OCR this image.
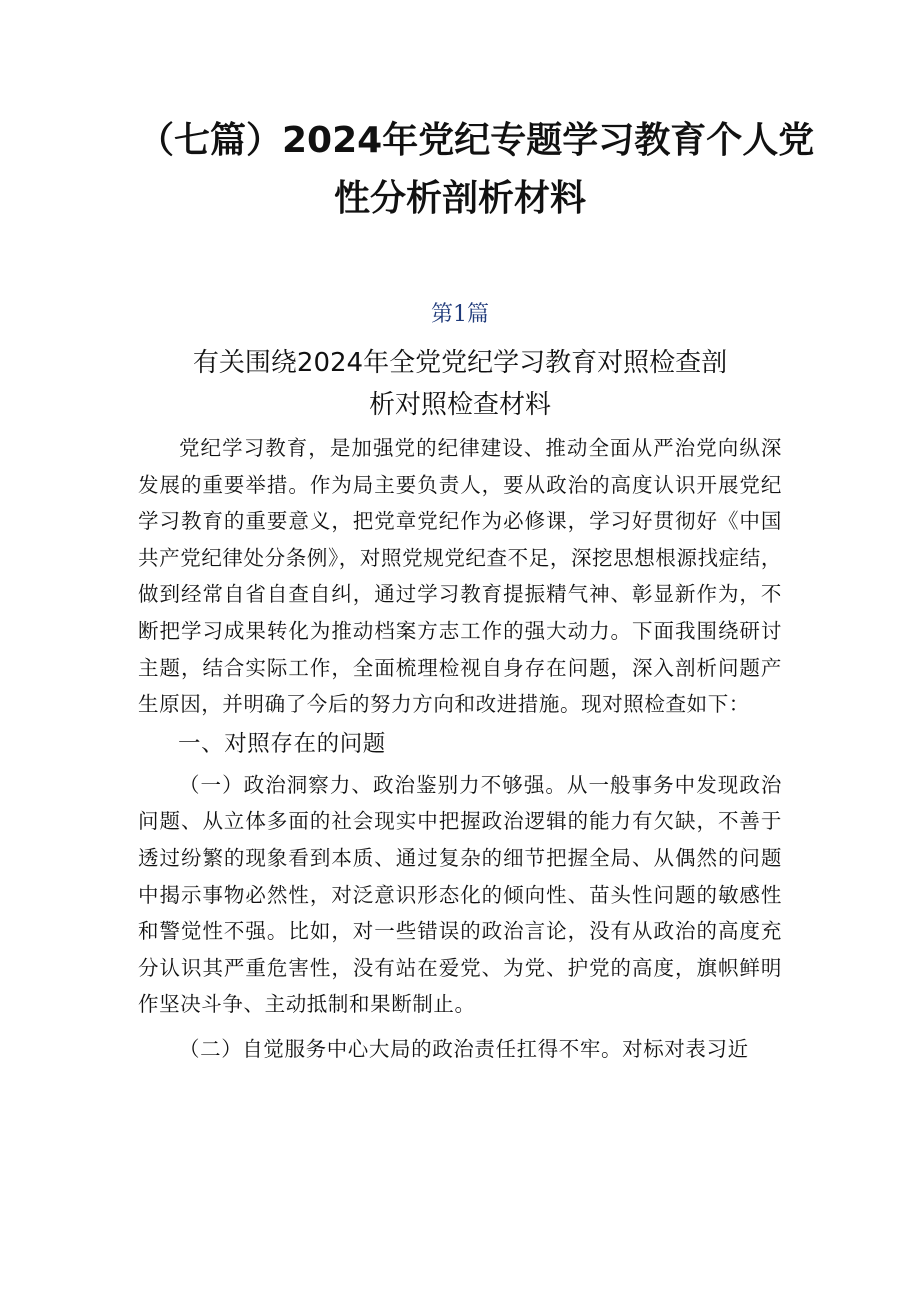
（七篇）2024年党纪专题学习教育个人党
性分析剖析材料
第1篇
有关围绕2024年全党党纪学习教育对照检查剖
析对照检查材料

党纪学习教育，是加强党的纪律建设、推动全面从严治党向纵深发展的重要举措。作为局主要负责人，要从政治的高度认识开展党纪学习教育的重要意义，把党章党纪作为必修课，学习好贯彻好《中国共产党纪律处分条例》，对照党规党纪查不足，深挖思想根源找症结，做到经常自省自查自纠，通过学习教育提振精气神、彰显新作为，不断把学习成果转化为推动档案方志工作的强大动力。下面我围绕研讨主题，结合实际工作，全面梳理检视自身存在问题，深入剖析问题产生原因，并明确了今后的努力方向和改进措施。现对照检查如下：

一、对照存在的问题

（一）政治洞察力、政治鉴别力不够强。从一般事务中发现政治问题、从立体多面的社会现实中把握政治逻辑的能力有欠缺，不善于透过纷繁的现象看到本质、通过复杂的细节把握全局、从偶然的问题中揭示事物必然性，对泛意识形态化的倾向性、苗头性问题的敏感性和警觉性不强。比如，对一些错误的政治言论，没有从政治的高度充分认识其严重危害性，没有站在爱党、为党、护党的高度，旗帜鲜明作坚决斗争、主动抵制和果断制止。

（二）自觉服务中心大局的政治责任扛得不牢。对标对表习近
